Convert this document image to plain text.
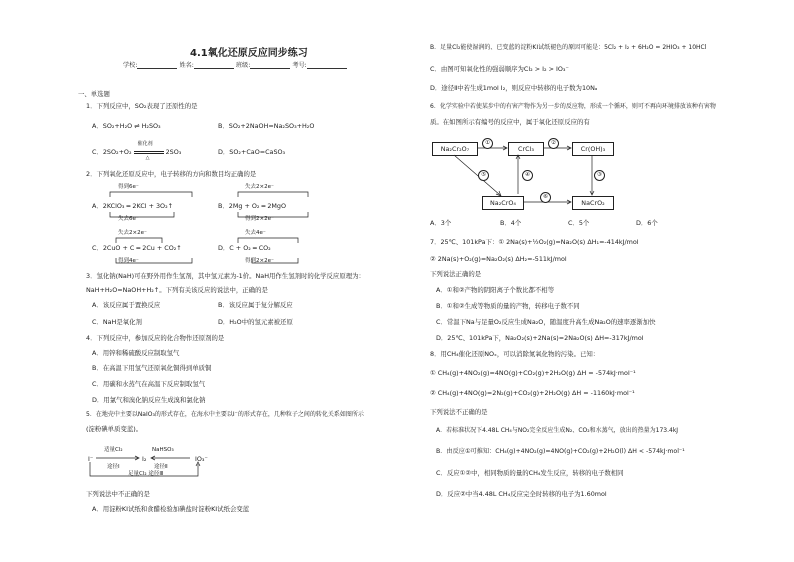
4.1氧化还原反应同步练习
学校:	姓名:	班级:	考号:
一、单选题
1．下列反应中，SO₂表现了还原性的是
A．SO₂+H₂O ⇌ H₂SO₃	B．SO₂+2NaOH=Na₂SO₃+H₂O
C．2SO₂+O₂
催化剂
△
2SO₃	D．SO₂+CaO=CaSO₃
2．下列氧化还原反应中，电子转移的方向和数目均正确的是
得到6e⁻
A．2KClO₃ ═ 2KCl + 3O₂↑
失去6e⁻
失去2×2e⁻
B．2Mg + O₂ ═ 2MgO
得到2×2e⁻
失去2×2e⁻
C．2CuO + C ═ 2Cu + CO₂↑
得到4e⁻
失去4e⁻
D．C + O₂ ═ CO₂
得到2×2e⁻
3．氢化钠(NaH)可在野外用作生氢剂，其中氢元素为-1价。NaH用作生氢剂时的化学反应原理为：
NaH+H₂O=NaOH+H₂↑。下列有关该反应的说法中，正确的是
A．该反应属于置换反应	B．该反应属于复分解反应
C．NaH是氧化剂	D．H₂O中的氢元素被还原
4．下列反应中，参加反应的化合物作还原剂的是
A．用锌和稀硫酸反应制取氢气
B．在高温下用氢气还原氧化铜得到单质铜
C．用碳和水蒸气在高温下反应制取氢气
D．用氯气和溴化钠反应生成溴和氯化钠
5．在地壳中主要以NaIO₃的形式存在，在海水中主要以I⁻的形式存在，几种粒子之间的转化关系如图所示
(淀粉碘单质变蓝)。
I⁻	I₂	IO₃⁻
适量Cl₂
途径Ⅰ
NaHSO₃
途径Ⅱ
足量Cl₂ 途径Ⅲ
下列说法中不正确的是
A．用淀粉KI试纸和食醋检验加碘盐时淀粉KI试纸会变蓝
B．足量Cl₂能使湿润的、已变蓝的淀粉KI试纸褪色的原因可能是：5Cl₂ + I₂ + 6H₂O = 2HIO₃ + 10HCl
C．由图可知氧化性的强弱顺序为Cl₂ > I₂ > IO₃⁻
D．途径Ⅱ中若生成1mol I₂，则反应中转移的电子数为10Nₐ
6．化学实验中若使某步中的有害产物作为另一步的反应物，形成一个循环，则可不再向环境排放该种有害物
质。在如图所示有编号的反应中，属于氧化还原反应的有
Na₂Cr₂O₇	CrCl₃	Cr(OH)₃
Na₂CrO₄	NaCrO₂
①	②
③
④
⑤
⑥
A．3个	B．4个	C．5个	D．6个
7．25℃、101kPa下：① 2Na(s)+½O₂(g)=Na₂O(s) ΔH₁=-414kJ/mol
② 2Na(s)+O₂(g)=Na₂O₂(s) ΔH₂=-511kJ/mol
下列说法正确的是
A．①和②产物的阴阳离子个数比都不相等
B．①和②生成等物质的量的产物，转移电子数不同
C．常温下Na与足量O₂反应生成Na₂O，随温度升高生成Na₂O的速率逐渐加快
D．25℃、101kPa下，Na₂O₂(s)+2Na(s)=2Na₂O(s) ΔH=-317kJ/mol
8．用CH₄催化还原NOₓ，可以消除氮氧化物的污染。已知：
① CH₄(g)+4NO₂(g)=4NO(g)+CO₂(g)+2H₂O(g) ΔH = -574kJ·mol⁻¹
② CH₄(g)+4NO(g)=2N₂(g)+CO₂(g)+2H₂O(g) ΔH = -1160kJ·mol⁻¹
下列说法不正确的是
A．若标准状况下4.48L CH₄与NO₂完全反应生成N₂、CO₂和水蒸气，放出的热量为173.4kJ
B．由反应①可推知：CH₄(g)+4NO₂(g)=4NO(g)+CO₂(g)+2H₂O(l) ΔH < -574kJ·mol⁻¹
C．反应①②中，相同物质的量的CH₄发生反应，转移的电子数相同
D．反应②中当4.48L CH₄反应完全时转移的电子为1.60mol
